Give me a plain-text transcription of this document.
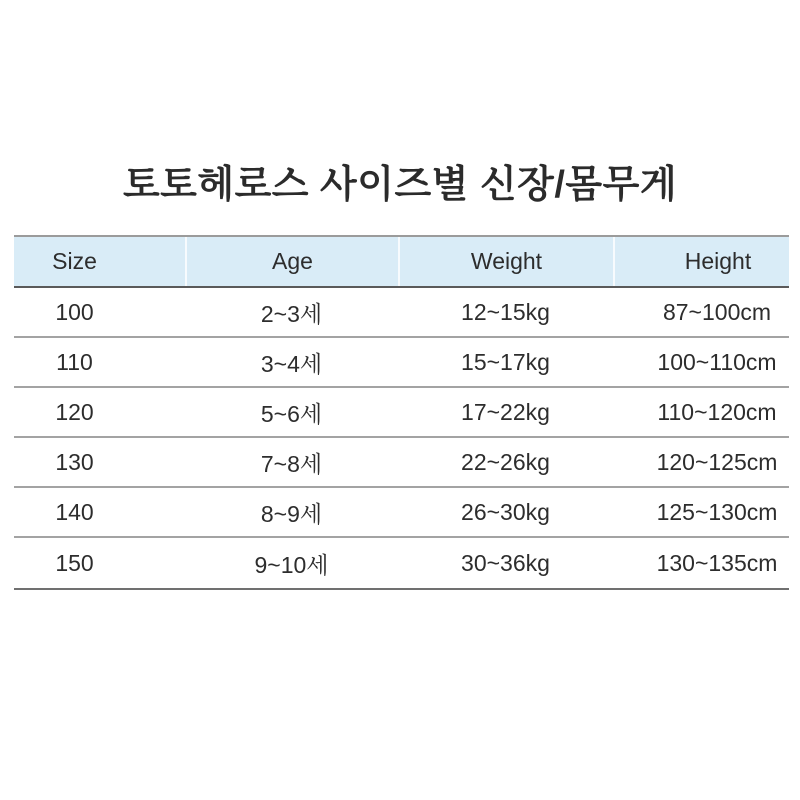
토토헤로스 사이즈별 신장/몸무게
Size	Age	Weight	Height
100	2~3세	12~15kg	87~100cm
110	3~4세	15~17kg	100~110cm
120	5~6세	17~22kg	110~120cm
130	7~8세	22~26kg	120~125cm
140	8~9세	26~30kg	125~130cm
150	9~10세	30~36kg	130~135cm
